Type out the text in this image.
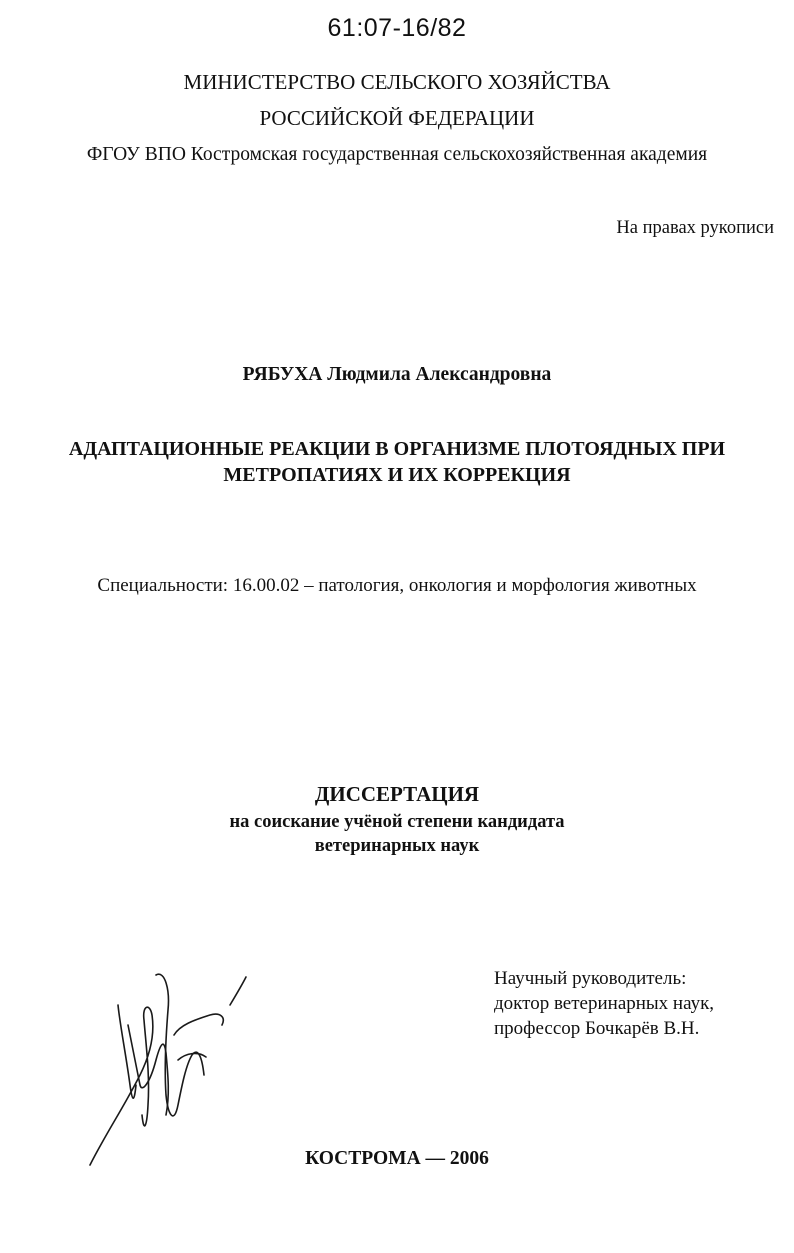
61:07-16/82
МИНИСТЕРСТВО СЕЛЬСКОГО ХОЗЯЙСТВА
РОССИЙСКОЙ ФЕДЕРАЦИИ
ФГОУ ВПО Костромская государственная сельскохозяйственная академия
На правах рукописи
РЯБУХА Людмила Александровна
АДАПТАЦИОННЫЕ РЕАКЦИИ В ОРГАНИЗМЕ ПЛОТОЯДНЫХ ПРИ
МЕТРОПАТИЯХ И ИХ КОРРЕКЦИЯ
Специальности: 16.00.02 – патология, онкология и морфология животных
ДИССЕРТАЦИЯ
на соискание учёной степени кандидата
ветеринарных наук
Научный руководитель:
доктор ветеринарных наук,
профессор Бочкарёв В.Н.
КОСТРОМА — 2006
